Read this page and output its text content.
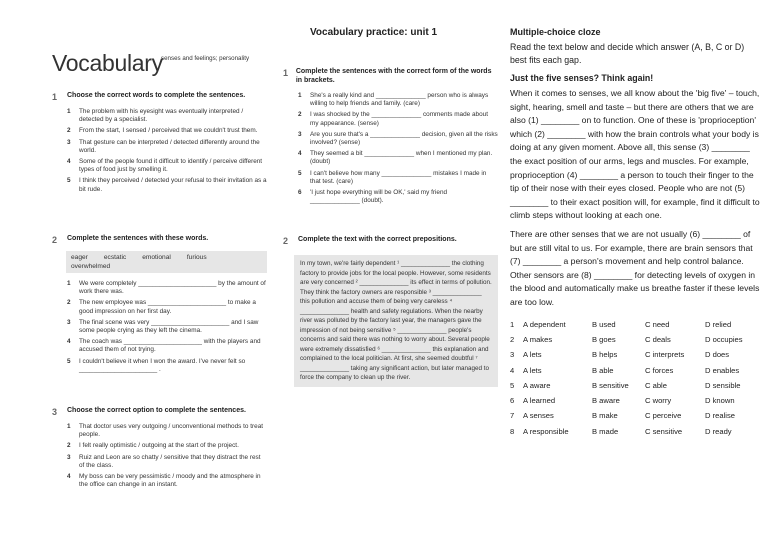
Vocabulary practice: unit 1
Vocabulary
senses and feelings; personality
1	Choose the correct words to complete the sentences.
1	The problem with his eyesight was eventually interpreted / detected by a specialist.
2	From the start, I sensed / perceived that we couldn't trust them.
3	That gesture can be interpreted / detected differently around the world.
4	Some of the people found it difficult to identify / perceive different types of food just by smelling it.
5	I think they perceived / detected your refusal to their invitation as a bit rude.
2	Complete the sentences with these words.
eager ecstatic emotional furious
overwhelmed
1	We were completely ______________________ by the amount of work there was.
2	The new employee was ______________________ to make a good impression on her first day.
3	The final scene was very ______________________ and I saw some people crying as they left the cinema.
4	The coach was ______________________ with the players and accused them of not trying.
5	I couldn't believe it when I won the award. I've never felt so ______________________ .
3	Choose the correct option to complete the sentences.
1	That doctor uses very outgoing / unconventional methods to treat people.
2	I felt really optimistic / outgoing at the start of the project.
3	Ruiz and Leon are so chatty / sensitive that they distract the rest of the class.
4	My boss can be very pessimistic / moody and the atmosphere in the office can change in an instant.
1	Complete the sentences with the correct form of the words in brackets.
1	She's a really kind and ______________ person who is always willing to help friends and family. (care)
2	I was shocked by the ______________ comments made about my appearance. (sense)
3	Are you sure that's a ______________ decision, given all the risks involved? (sense)
4	They seemed a bit ______________ when I mentioned my plan. (doubt)
5	I can't believe how many ______________ mistakes I made in that test. (care)
6	'I just hope everything will be OK,' said my friend ______________ (doubt).
2	Complete the text with the correct prepositions.

In my town, we're fairly dependent ¹ ______________ the clothing factory to provide jobs for the local people. However, some residents are very concerned ² ______________ its effect in terms of pollution. They think the factory owners are responsible ³ ______________ this pollution and accuse them of being very careless ⁴ ______________ health and safety regulations. When the nearby river was polluted by the factory last year, the managers gave the impression of not being sensitive ⁵ ______________ people's concerns and said there was nothing to worry about. Several people were extremely dissatisfied ⁶ ______________ this explanation and complained to the local politician. At first, she seemed doubtful ⁷ ______________ taking any significant action, but later managed to force the company to clean up the river.

Multiple-choice cloze
Read the text below and decide which answer (A, B, C or D) best fits each gap.
Just the five senses? Think again!
When it comes to senses, we all know about the 'big five' – touch, sight, hearing, smell and taste – but there are others that we are also (1) ________ on to function. One of these is 'proprioception' which (2) ________ with how the brain controls what your body is doing at any given moment. Above all, this sense (3) ________ the exact position of our arms, legs and muscles. For example, proprioception (4) ________ a person to touch their finger to the tip of their nose with their eyes closed. People who are not (5) ________ to their exact position will, for example, find it difficult to climb steps without looking at each one.
There are other senses that we are not usually (6) ________ of but are still vital to us. For example, there are brain sensors that (7) ________ a person's movement and help control balance. Other sensors are (8) ________ for detecting levels of oxygen in the blood and automatically make us breathe faster if these levels are too low.
1	A dependent	B used	C need	D relied
2	A makes	B goes	C deals	D occupies
3	A lets	B helps	C interprets	D does
4	A lets	B able	C forces	D enables
5	A aware	B sensitive	C able	D sensible
6	A learned	B aware	C worry	D known
7	A senses	B make	C perceive	D realise
8	A responsible	B made	C sensitive	D ready
